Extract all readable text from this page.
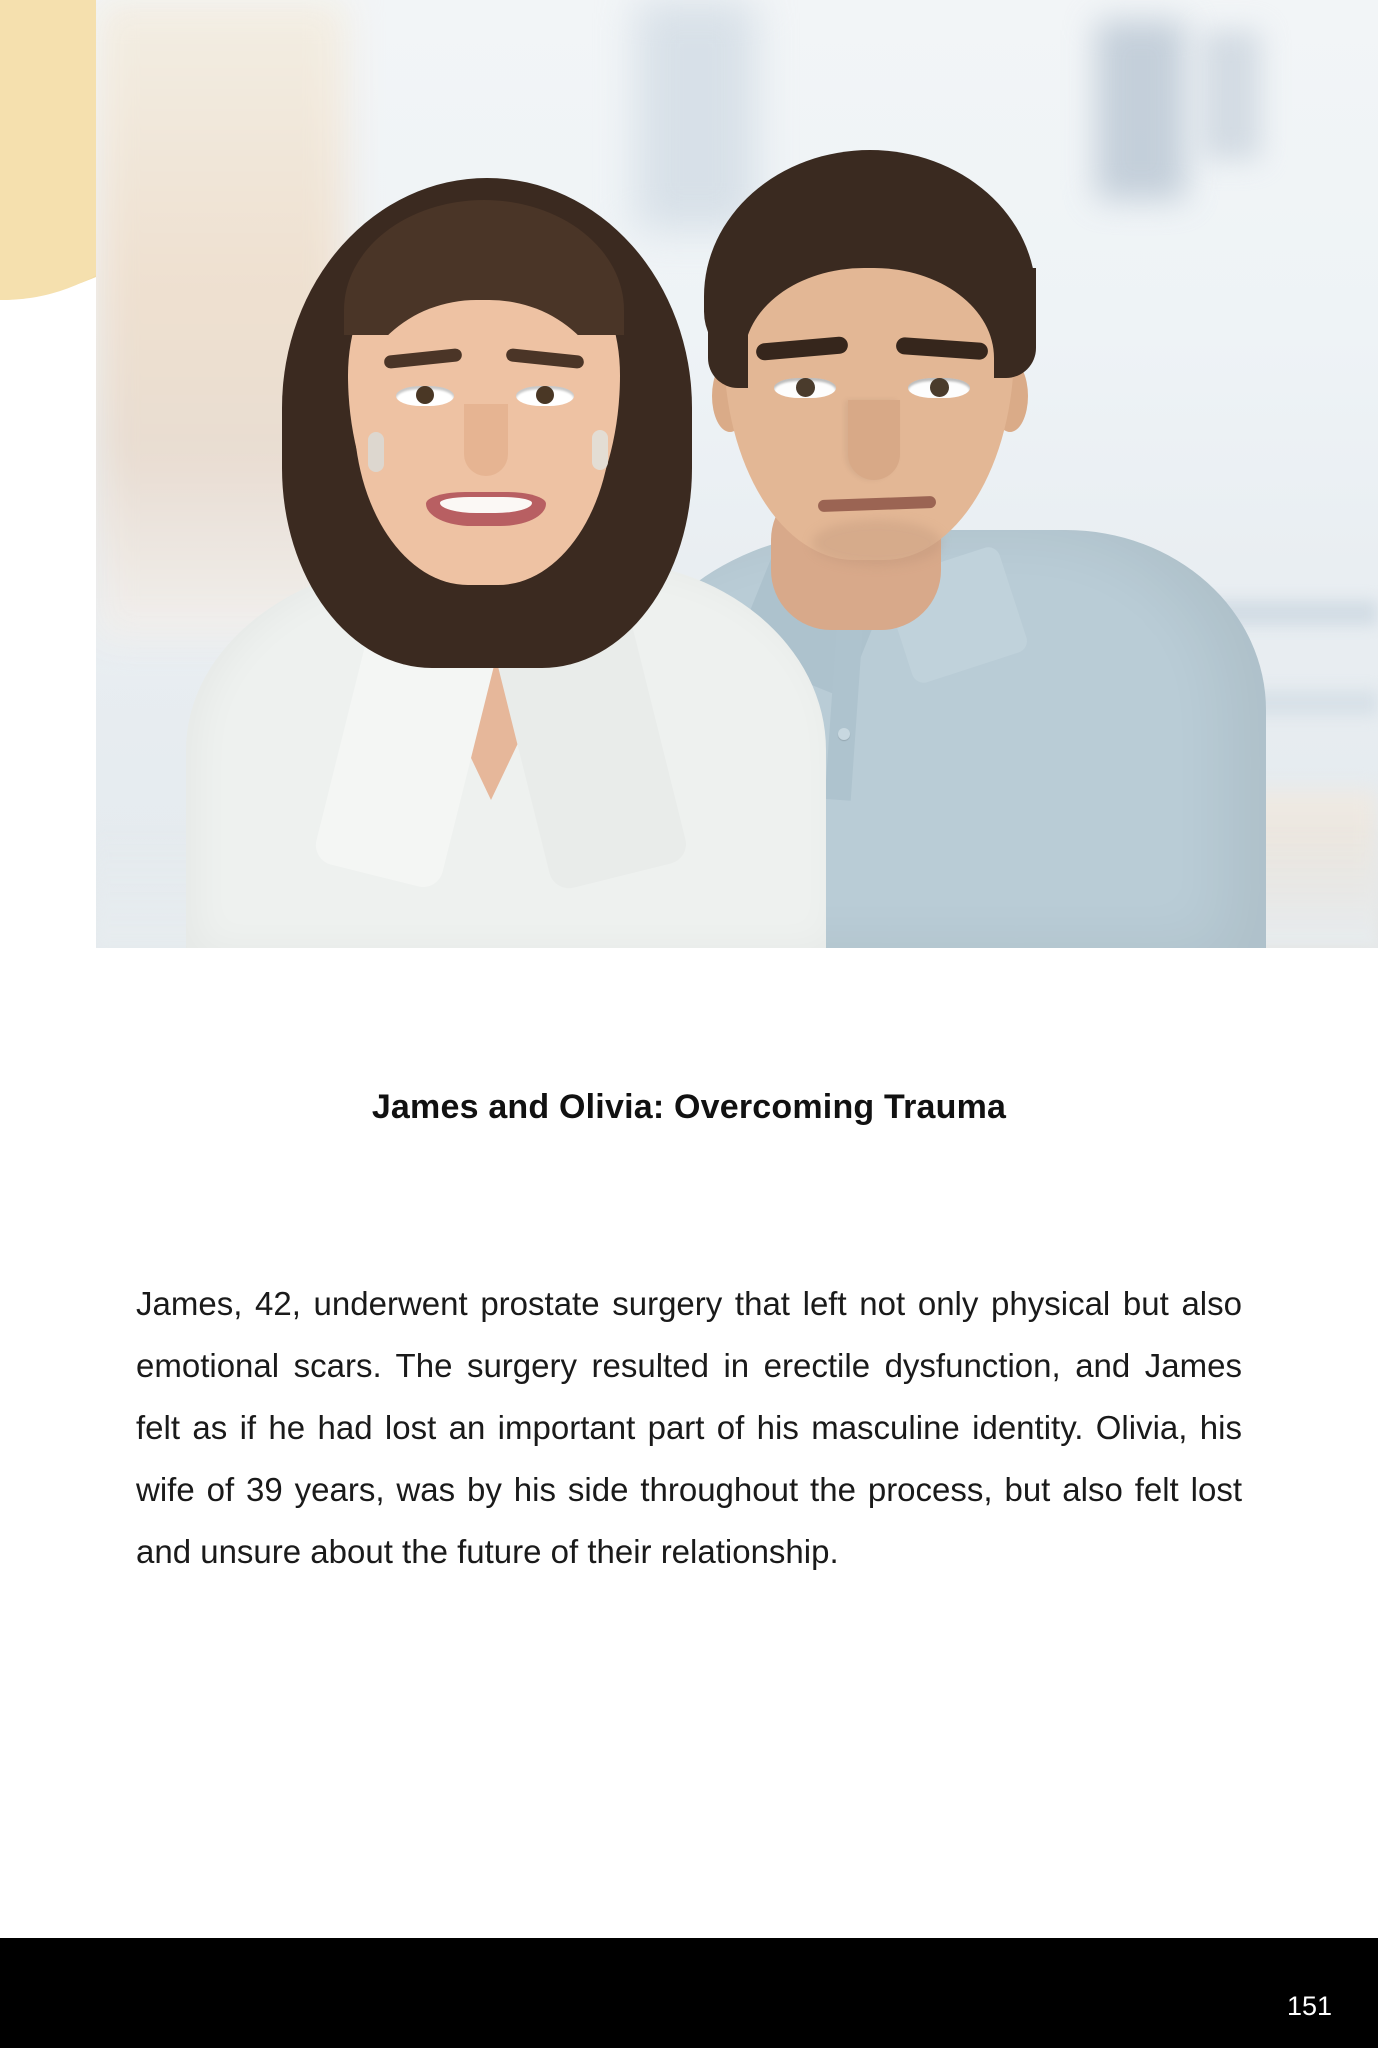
James and Olivia: Overcoming Trauma

James, 42, underwent prostate surgery that left not only physical but also emotional scars. The surgery resulted in erectile dysfunction, and James felt as if he had lost an important part of his masculine identity. Olivia, his wife of 39 years, was by his side throughout the process, but also felt lost and unsure about the future of their relationship.

151
